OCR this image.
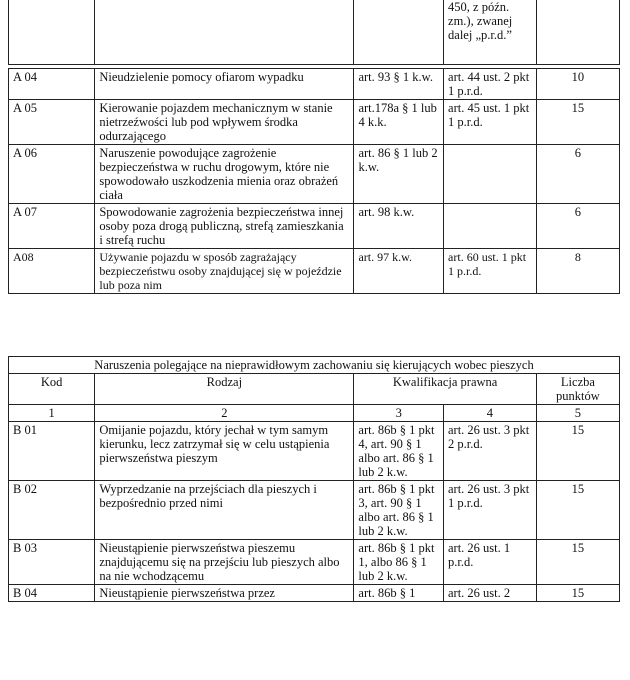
			450, z późn. zm.), zwanej dalej „p.r.d.”	
A 04	Nieudzielenie pomocy ofiarom wypadku	art. 93 § 1 k.w.	art. 44 ust. 2 pkt 1 p.r.d.	10
A 05	Kierowanie pojazdem mechanicznym w stanie nietrzeźwości lub pod wpływem środka odurzającego	art.178a § 1 lub 4 k.k.	art. 45 ust. 1 pkt 1 p.r.d.	15
A 06	Naruszenie powodujące zagrożenie bezpieczeństwa w ruchu drogowym, które nie spowodowało uszkodzenia mienia oraz obrażeń ciała	art. 86 § 1 lub 2 k.w.		6
A 07	Spowodowanie zagrożenia bezpieczeństwa innej osoby poza drogą publiczną, strefą zamieszkania i strefą ruchu	art. 98 k.w.		6
A08	Używanie pojazdu w sposób zagrażający bezpieczeństwu osoby znajdującej się w pojeździe lub poza nim	art. 97 k.w.	art. 60 ust. 1 pkt 1 p.r.d.	8
Naruszenia polegające na nieprawidłowym zachowaniu się kierujących wobec pieszych				
Kod	Rodzaj	Kwalifikacja prawna		Liczba punktów
1	2	3	4	5
B 01	Omijanie pojazdu, który jechał w tym samym kierunku, lecz zatrzymał się w celu ustąpienia pierwszeństwa pieszym	art. 86b § 1 pkt 4, art. 90 § 1 albo art. 86 § 1 lub 2 k.w.	art. 26 ust. 3 pkt 2 p.r.d.	15
B 02	Wyprzedzanie na przejściach dla pieszych i bezpośrednio przed nimi	art. 86b § 1 pkt 3, art. 90 § 1 albo art. 86 § 1 lub 2 k.w.	art. 26 ust. 3 pkt 1 p.r.d.	15
B 03	Nieustąpienie pierwszeństwa pieszemu znajdującemu się na przejściu lub pieszych albo na nie wchodzącemu	art. 86b § 1 pkt 1, albo 86 § 1 lub 2 k.w.	art. 26 ust. 1 p.r.d.	15
B 04	Nieustąpienie pierwszeństwa przez	art. 86b § 1	art. 26 ust. 2	15
